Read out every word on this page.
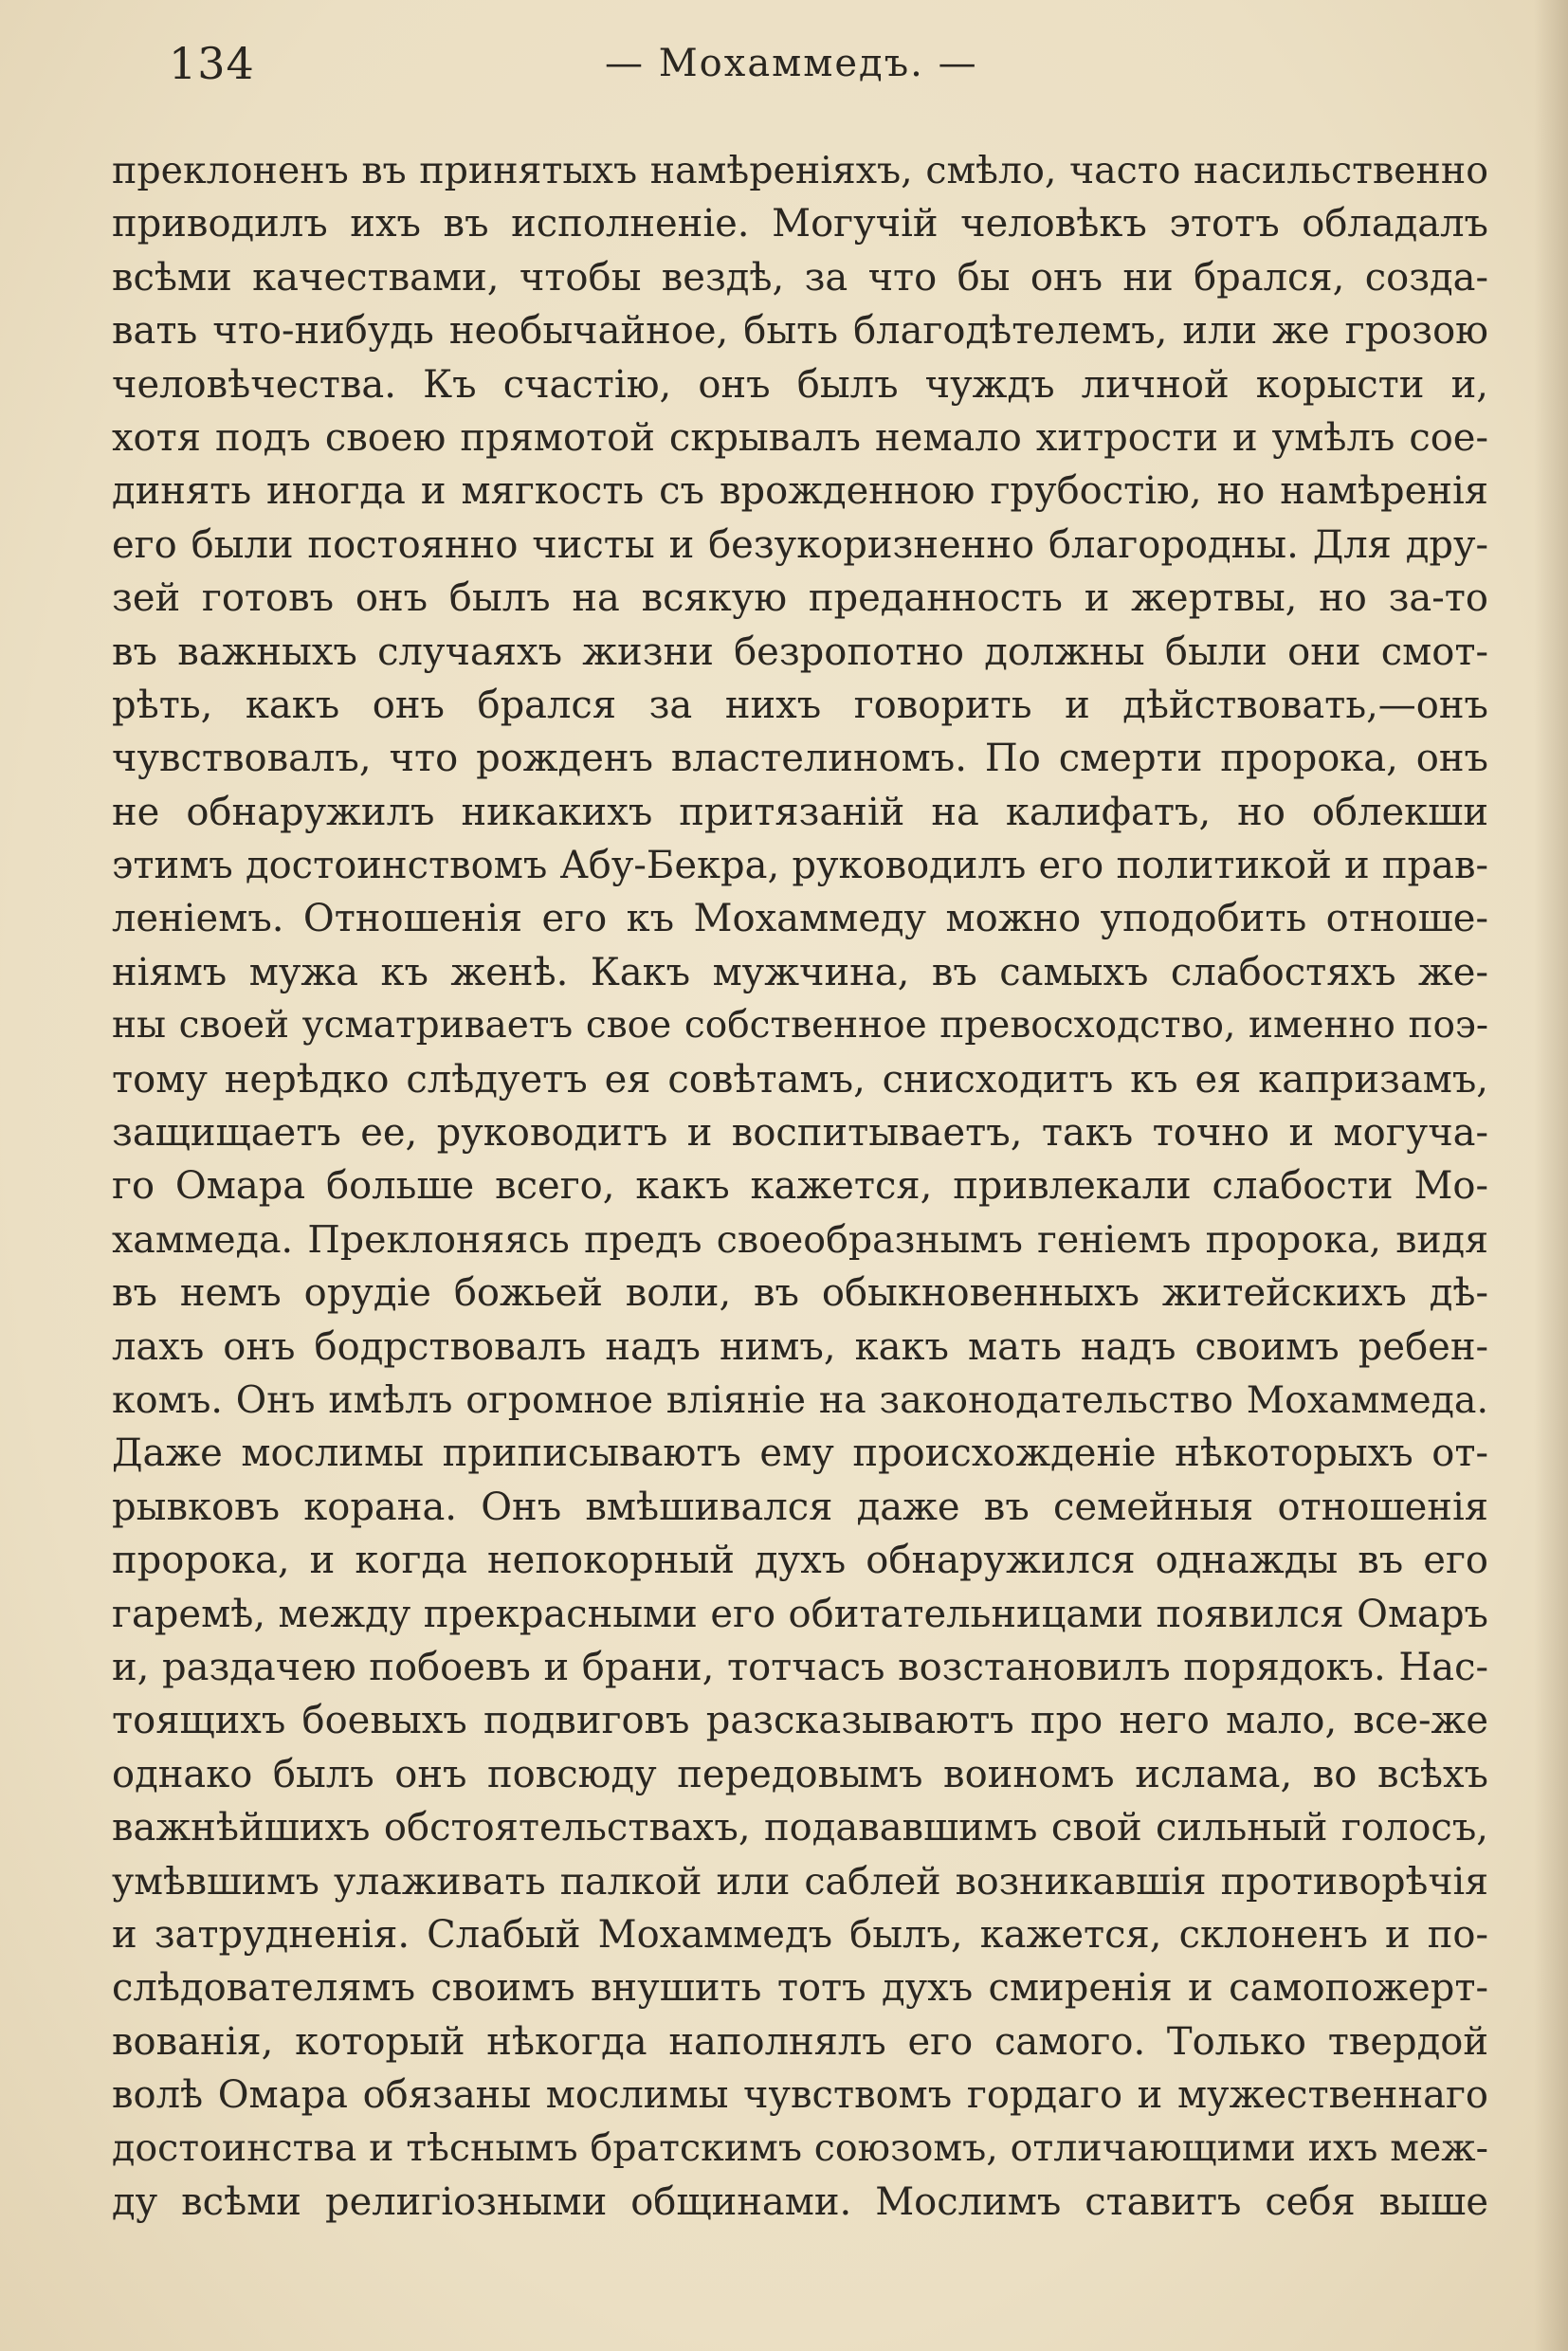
134	— Мохаммедъ. —
преклоненъ въ принятыхъ намѣреніяхъ, смѣло, часто насильственно
приводилъ ихъ въ исполненіе. Могучій человѣкъ этотъ обладалъ
всѣми качествами, чтобы вездѣ, за что бы онъ ни брался, созда-
вать что-нибудь необычайное, быть благодѣтелемъ, или же грозою
человѣчества. Къ счастію, онъ былъ чуждъ личной корысти и,
хотя подъ своею прямотой скрывалъ немало хитрости и умѣлъ сое-
динять иногда и мягкость съ врожденною грубостію, но намѣренія
его были постоянно чисты и безукоризненно благородны. Для дру-
зей готовъ онъ былъ на всякую преданность и жертвы, но за-то
въ важныхъ случаяхъ жизни безропотно должны были они смот-
рѣть, какъ онъ брался за нихъ говорить и дѣйствовать,—онъ
чувствовалъ, что рожденъ властелиномъ. По смерти пророка, онъ
не обнаружилъ никакихъ притязаній на калифатъ, но облекши
этимъ достоинствомъ Абу-Бекра, руководилъ его политикой и прав-
леніемъ. Отношенія его къ Мохаммеду можно уподобить отноше-
ніямъ мужа къ женѣ. Какъ мужчина, въ самыхъ слабостяхъ же-
ны своей усматриваетъ свое собственное превосходство, именно поэ-
тому нерѣдко слѣдуетъ ея совѣтамъ, снисходитъ къ ея капризамъ,
защищаетъ ее, руководитъ и воспитываетъ, такъ точно и могуча-
го Омара больше всего, какъ кажется, привлекали слабости Мо-
хаммеда. Преклоняясь предъ своеобразнымъ геніемъ пророка, видя
въ немъ орудіе божьей воли, въ обыкновенныхъ житейскихъ дѣ-
лахъ онъ бодрствовалъ надъ нимъ, какъ мать надъ своимъ ребен-
комъ. Онъ имѣлъ огромное вліяніе на законодательство Мохаммеда.
Даже мослимы приписываютъ ему происхожденіе нѣкоторыхъ от-
рывковъ корана. Онъ вмѣшивался даже въ семейныя отношенія
пророка, и когда непокорный духъ обнаружился однажды въ его
гаремѣ, между прекрасными его обитательницами появился Омаръ
и, раздачею побоевъ и брани, тотчасъ возстановилъ порядокъ. Нас-
тоящихъ боевыхъ подвиговъ разсказываютъ про него мало, все-же
однако былъ онъ повсюду передовымъ воиномъ ислама, во всѣхъ
важнѣйшихъ обстоятельствахъ, подававшимъ свой сильный голосъ,
умѣвшимъ улаживать палкой или саблей возникавшія противорѣчія
и затрудненія. Слабый Мохаммедъ былъ, кажется, склоненъ и по-
слѣдователямъ своимъ внушить тотъ духъ смиренія и самопожерт-
вованія, который нѣкогда наполнялъ его самого. Только твердой
волѣ Омара обязаны мослимы чувствомъ гордаго и мужественнаго
достоинства и тѣснымъ братскимъ союзомъ, отличающими ихъ меж-
ду всѣми религіозными общинами. Мослимъ ставитъ себя выше
